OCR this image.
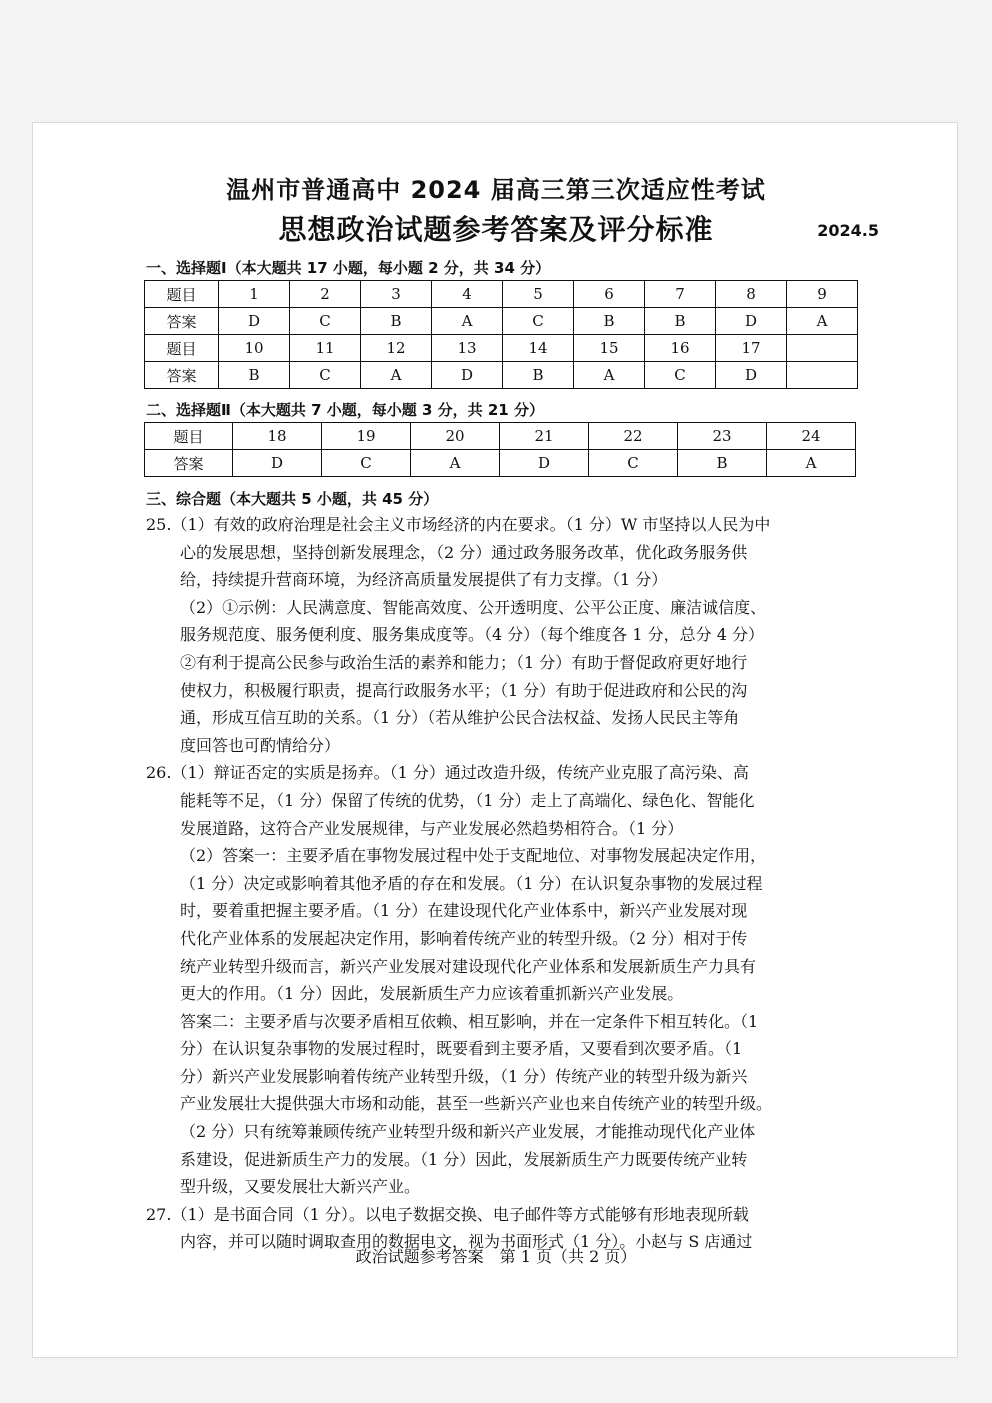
温州市普通高中 2024 届高三第三次适应性考试
思想政治试题参考答案及评分标准	2024.5
一、选择题Ⅰ（本大题共 17 小题，每小题 2 分，共 34 分）
题目	1	2	3	4	5	6	7	8	9
答案	D	C	B	A	C	B	B	D	A
题目	10	11	12	13	14	15	16	17	
答案	B	C	A	D	B	A	C	D	
二、选择题Ⅱ（本大题共 7 小题，每小题 3 分，共 21 分）
题目	18	19	20	21	22	23	24
答案	D	C	A	D	C	B	A
三、综合题（本大题共 5 小题，共 45 分）
25.（1）有效的政府治理是社会主义市场经济的内在要求。（1 分）W 市坚持以人民为中
心的发展思想，坚持创新发展理念，（2 分）通过政务服务改革，优化政务服务供
给，持续提升营商环境，为经济高质量发展提供了有力支撑。（1 分）
（2）①示例：人民满意度、智能高效度、公开透明度、公平公正度、廉洁诚信度、
服务规范度、服务便利度、服务集成度等。（4 分）（每个维度各 1 分，总分 4 分）
②有利于提高公民参与政治生活的素养和能力；（1 分）有助于督促政府更好地行
使权力，积极履行职责，提高行政服务水平；（1 分）有助于促进政府和公民的沟
通，形成互信互助的关系。（1 分）（若从维护公民合法权益、发扬人民民主等角
度回答也可酌情给分）
26.（1）辩证否定的实质是扬弃。（1 分）通过改造升级，传统产业克服了高污染、高
能耗等不足，（1 分）保留了传统的优势，（1 分）走上了高端化、绿色化、智能化
发展道路，这符合产业发展规律，与产业发展必然趋势相符合。（1 分）
（2）答案一：主要矛盾在事物发展过程中处于支配地位、对事物发展起决定作用，
（1 分）决定或影响着其他矛盾的存在和发展。（1 分）在认识复杂事物的发展过程
时，要着重把握主要矛盾。（1 分）在建设现代化产业体系中，新兴产业发展对现
代化产业体系的发展起决定作用，影响着传统产业的转型升级。（2 分）相对于传
统产业转型升级而言，新兴产业发展对建设现代化产业体系和发展新质生产力具有
更大的作用。（1 分）因此，发展新质生产力应该着重抓新兴产业发展。
答案二：主要矛盾与次要矛盾相互依赖、相互影响，并在一定条件下相互转化。（1
分）在认识复杂事物的发展过程时，既要看到主要矛盾，又要看到次要矛盾。（1
分）新兴产业发展影响着传统产业转型升级，（1 分）传统产业的转型升级为新兴
产业发展壮大提供强大市场和动能，甚至一些新兴产业也来自传统产业的转型升级。
（2 分）只有统筹兼顾传统产业转型升级和新兴产业发展，才能推动现代化产业体
系建设，促进新质生产力的发展。（1 分）因此，发展新质生产力既要传统产业转
型升级，又要发展壮大新兴产业。
27.（1）是书面合同（1 分）。以电子数据交换、电子邮件等方式能够有形地表现所载
内容，并可以随时调取查用的数据电文，视为书面形式（1 分）。小赵与 S 店通过
政治试题参考答案　第 1 页（共 2 页）
